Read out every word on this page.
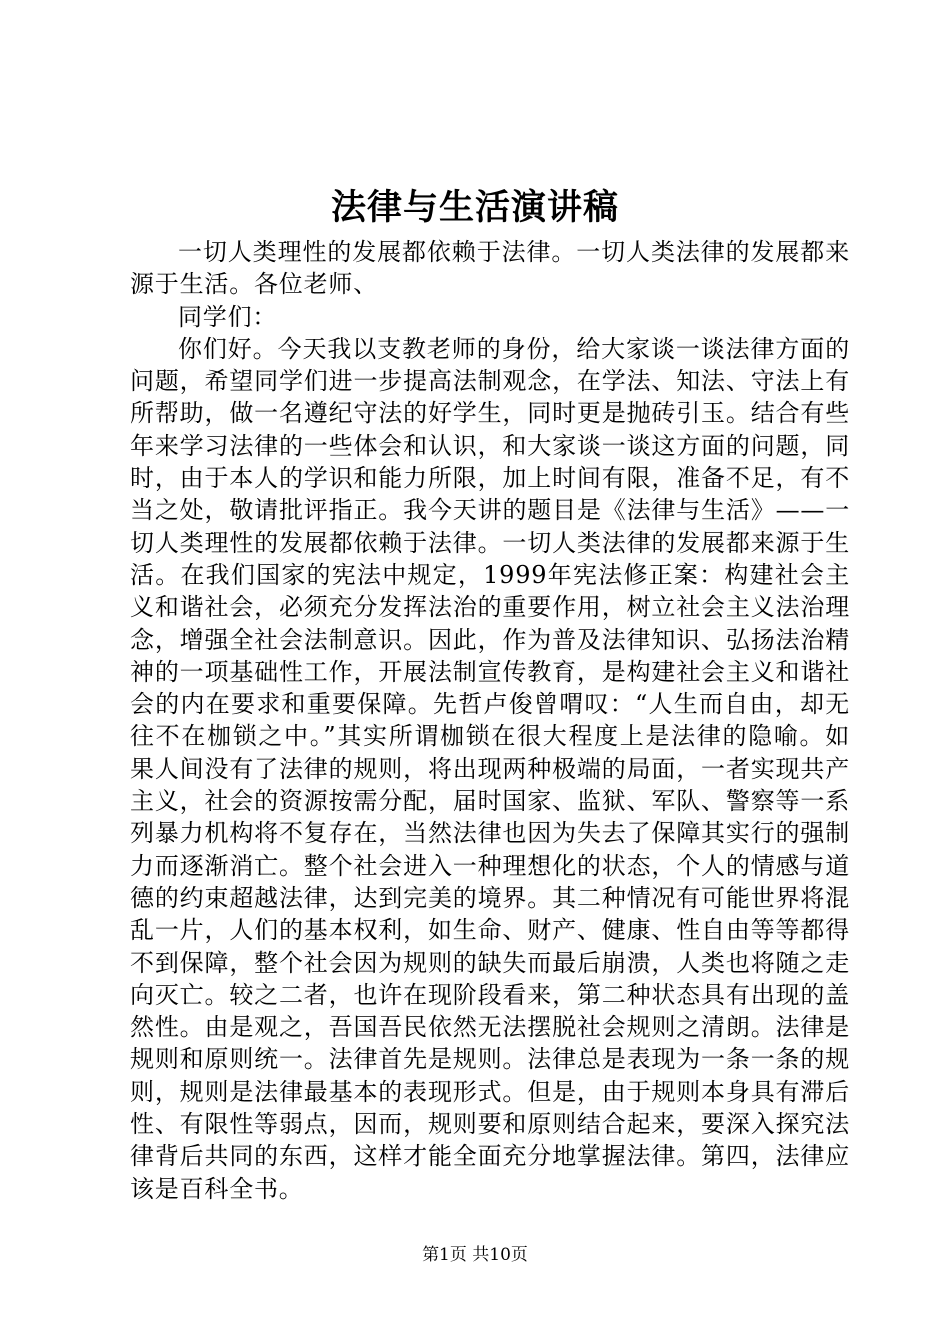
法律与生活演讲稿

一切人类理性的发展都依赖于法律。一切人类法律的发展都来源于生活。各位老师、

同学们：

你们好。今天我以支教老师的身份，给大家谈一谈法律方面的问题，希望同学们进一步提高法制观念，在学法、知法、守法上有所帮助，做一名遵纪守法的好学生，同时更是抛砖引玉。结合有些年来学习法律的一些体会和认识，和大家谈一谈这方面的问题，同时，由于本人的学识和能力所限，加上时间有限，准备不足，有不当之处，敬请批评指正。我今天讲的题目是《法律与生活》——一切人类理性的发展都依赖于法律。一切人类法律的发展都来源于生活。在我们国家的宪法中规定，1999年宪法修正案：构建社会主义和谐社会，必须充分发挥法治的重要作用，树立社会主义法治理念，增强全社会法制意识。因此，作为普及法律知识、弘扬法治精神的一项基础性工作，开展法制宣传教育，是构建社会主义和谐社会的内在要求和重要保障。先哲卢俊曾喟叹：“人生而自由，却无往不在枷锁之中。”其实所谓枷锁在很大程度上是法律的隐喻。如果人间没有了法律的规则，将出现两种极端的局面，一者实现共产主义，社会的资源按需分配，届时国家、监狱、军队、警察等一系列暴力机构将不复存在，当然法律也因为失去了保障其实行的强制力而逐渐消亡。整个社会进入一种理想化的状态，个人的情感与道德的约束超越法律，达到完美的境界。其二种情况有可能世界将混乱一片，人们的基本权利，如生命、财产、健康、性自由等等都得不到保障，整个社会因为规则的缺失而最后崩溃，人类也将随之走向灭亡。较之二者，也许在现阶段看来，第二种状态具有出现的盖然性。由是观之，吾国吾民依然无法摆脱社会规则之清朗。法律是规则和原则统一。法律首先是规则。法律总是表现为一条一条的规则，规则是法律最基本的表现形式。但是，由于规则本身具有滞后性、有限性等弱点，因而，规则要和原则结合起来，要深入探究法律背后共同的东西，这样才能全面充分地掌握法律。第四，法律应该是百科全书。

第1页 共10页
